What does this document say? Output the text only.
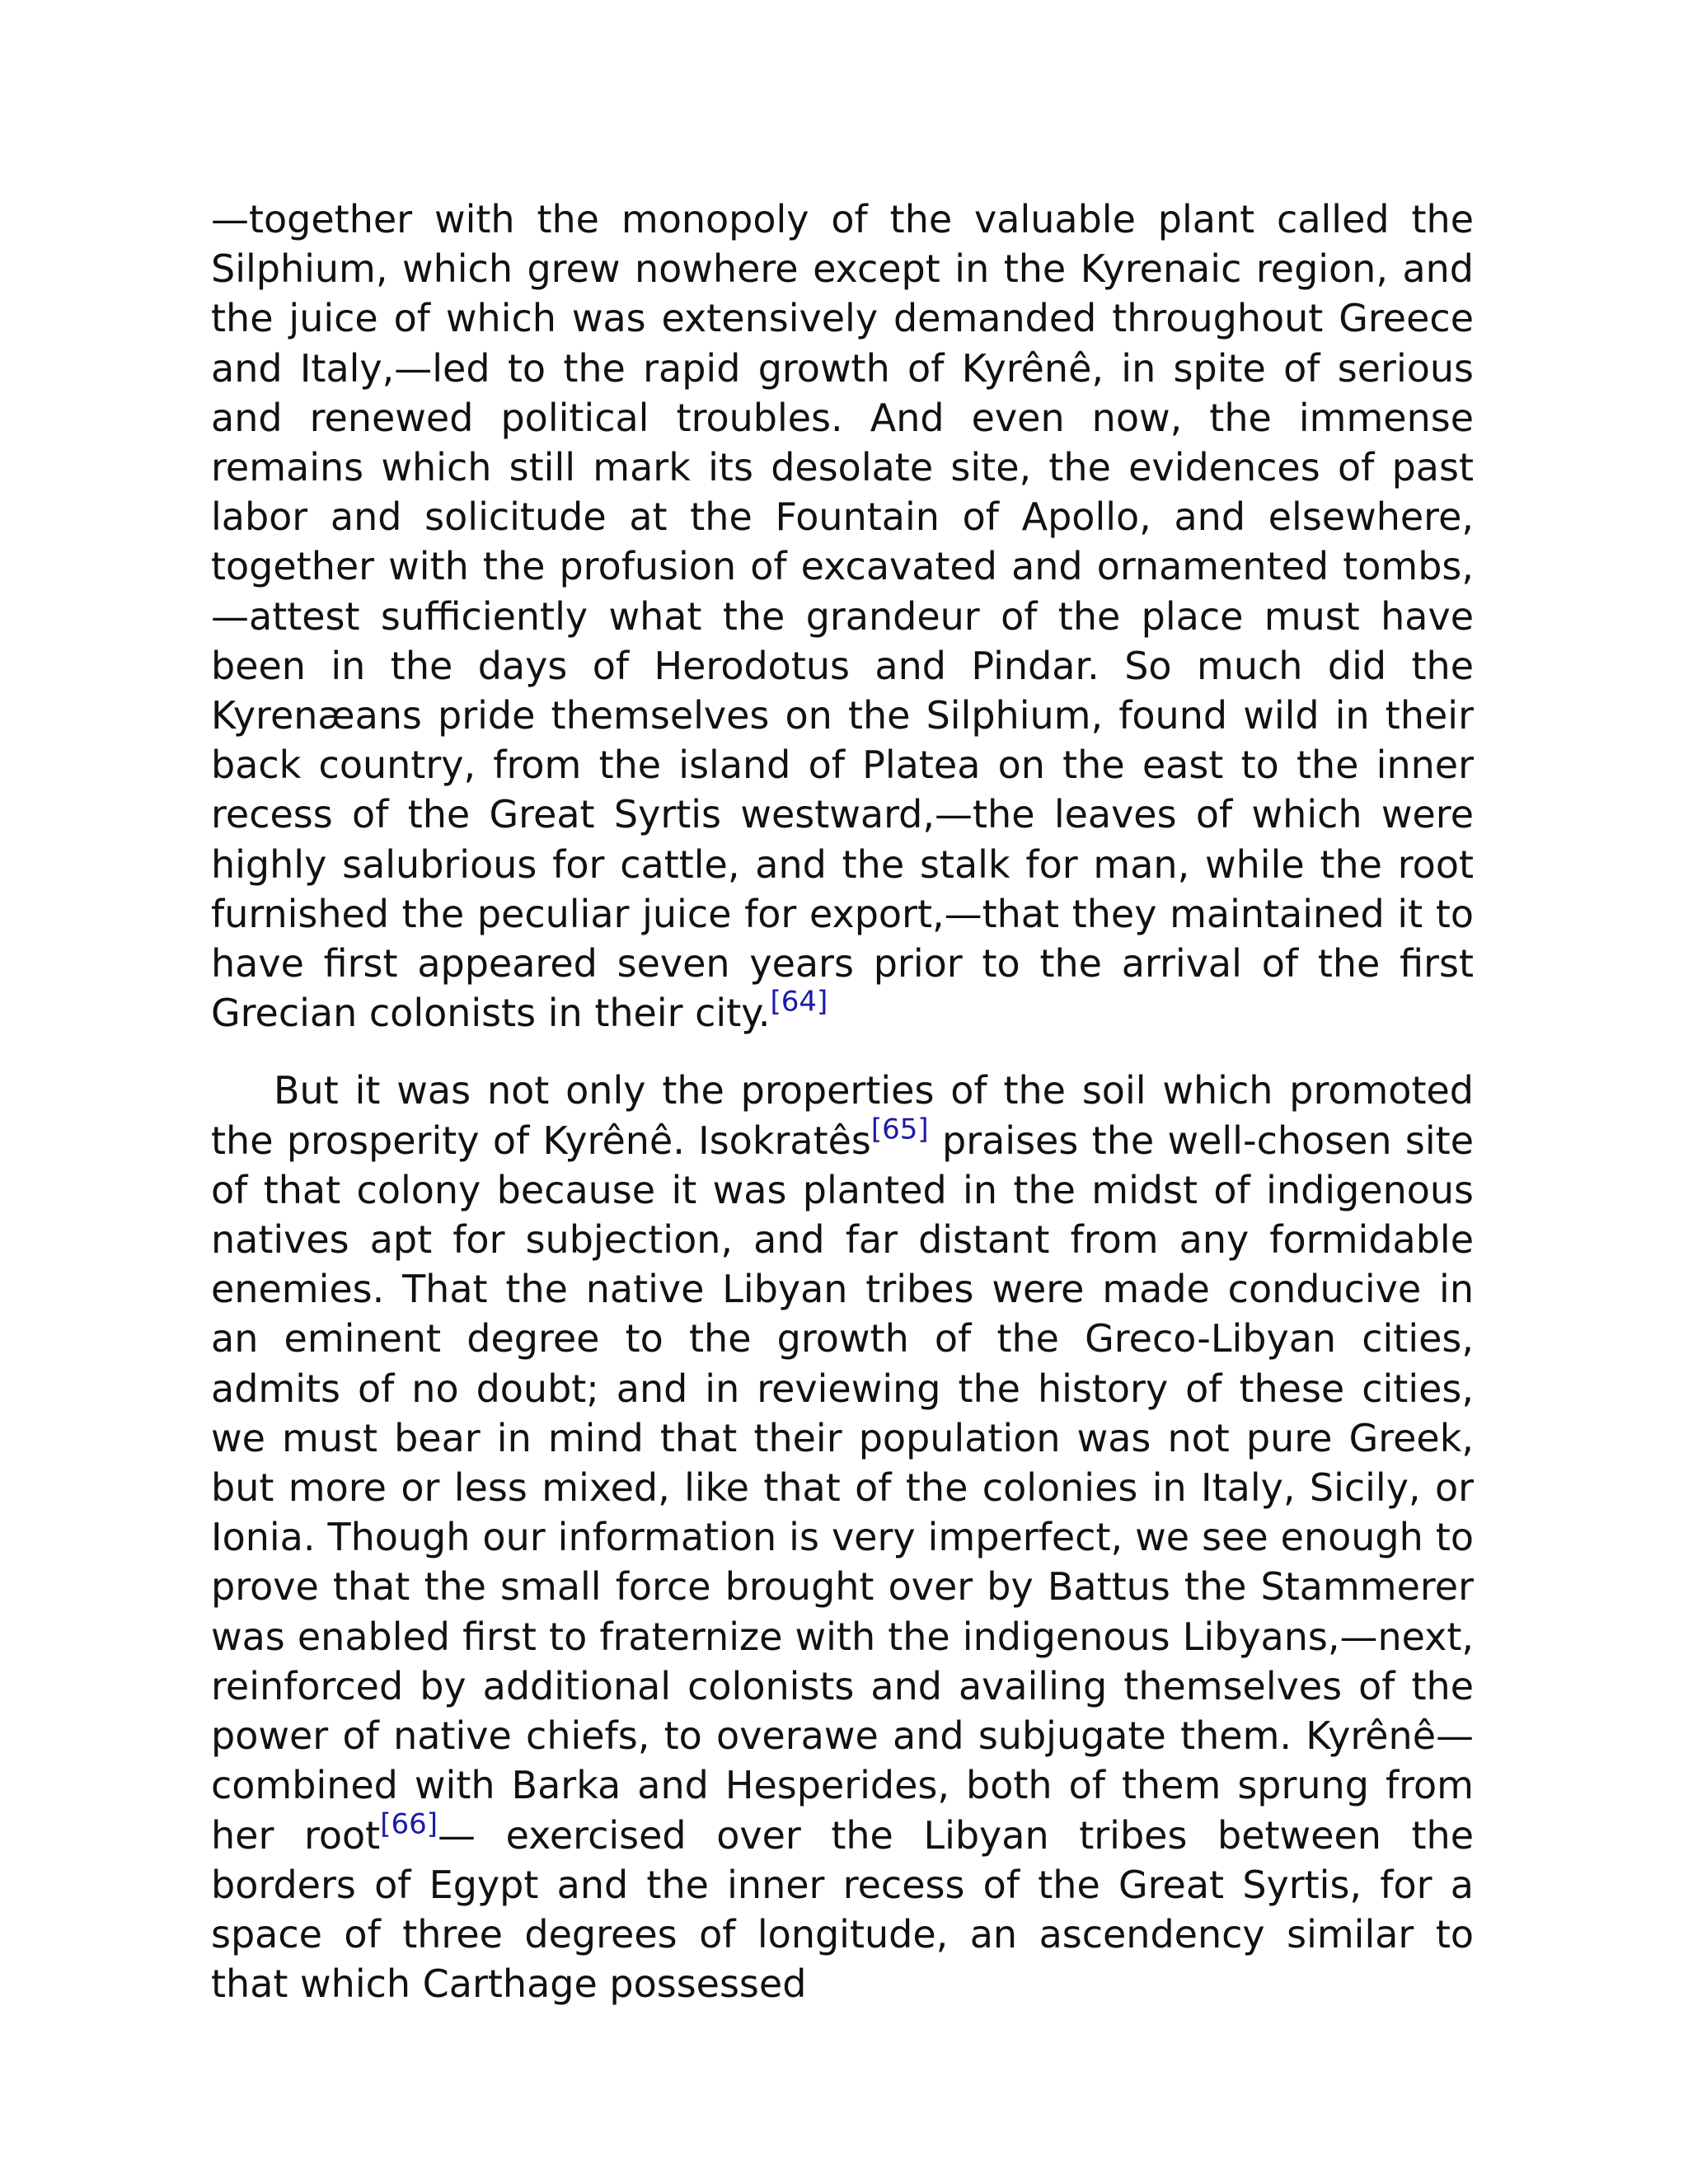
—together with the monopoly of the valuable plant called the Silphium, which grew nowhere except in the Kyrenaic region, and the juice of which was extensively demanded throughout Greece and Italy,—led to the rapid growth of Kyrênê, in spite of serious and renewed political troubles. And even now, the immense remains which still mark its desolate site, the evidences of past labor and solicitude at the Fountain of Apollo, and elsewhere, together with the profusion of excavated and ornamented tombs,—attest sufficiently what the grandeur of the place must have been in the days of Herodotus and Pindar. So much did the Kyrenæans pride themselves on the Silphium, found wild in their back country, from the island of Platea on the east to the inner recess of the Great Syrtis westward,—the leaves of which were highly salubrious for cattle, and the stalk for man, while the root furnished the peculiar juice for export,—that they maintained it to have first appeared seven years prior to the arrival of the first Grecian colonists in their city.[64]

But it was not only the properties of the soil which promoted the prosperity of Kyrênê. Isokratês[65] praises the well-chosen site of that colony because it was planted in the midst of indigenous natives apt for subjection, and far distant from any formidable enemies. That the native Libyan tribes were made conducive in an eminent degree to the growth of the Greco-Libyan cities, admits of no doubt; and in reviewing the history of these cities, we must bear in mind that their population was not pure Greek, but more or less mixed, like that of the colonies in Italy, Sicily, or Ionia. Though our information is very imperfect, we see enough to prove that the small force brought over by Battus the Stammerer was enabled first to fraternize with the indigenous Libyans,—next, reinforced by additional colonists and availing themselves of the power of native chiefs, to overawe and subjugate them. Kyrênê—combined with Barka and Hesperides, both of them sprung from her root[66]— exercised over the Libyan tribes between the borders of Egypt and the inner recess of the Great Syrtis, for a space of three degrees of longitude, an ascendency similar to that which Carthage possessed
